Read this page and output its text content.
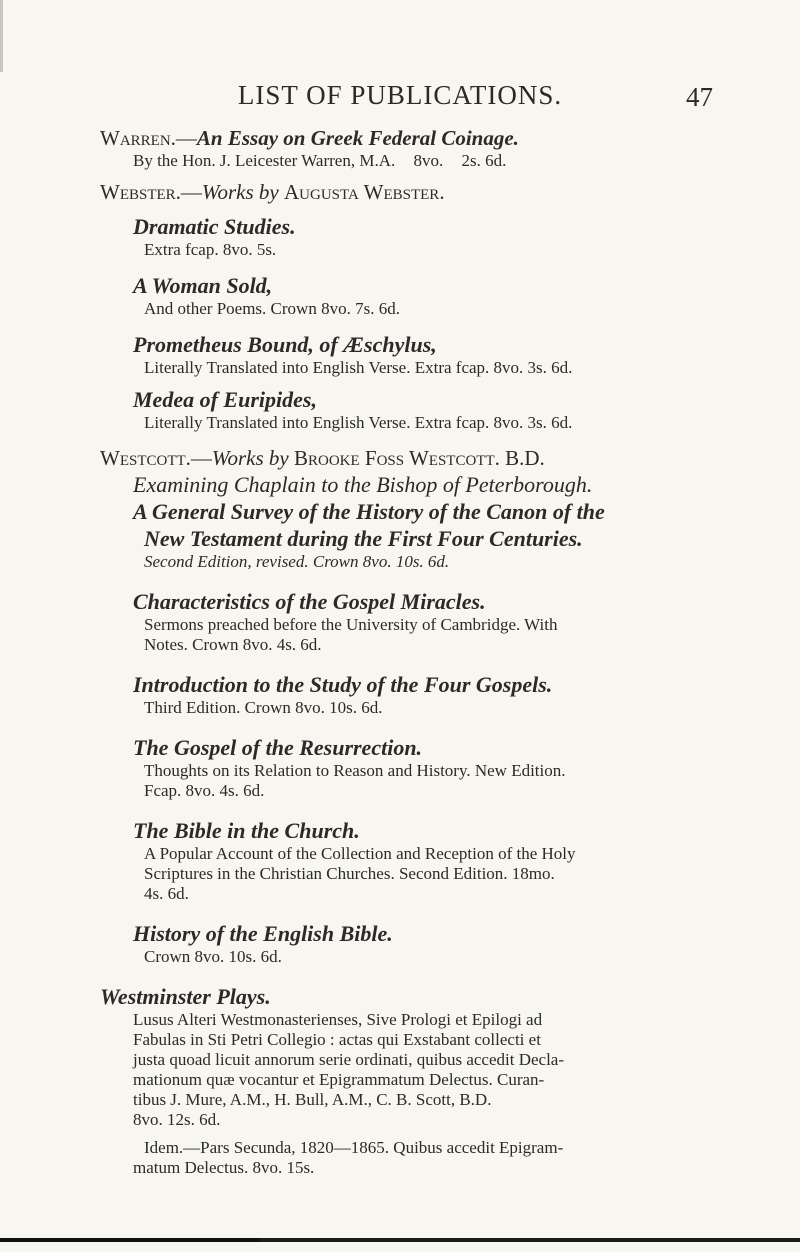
LIST OF PUBLICATIONS.	47
Warren.—An Essay on Greek Federal Coinage.
By the Hon. J. Leicester Warren, M.A. 8vo. 2s. 6d.
Webster.—Works by Augusta Webster.
Dramatic Studies.
Extra fcap. 8vo. 5s.
A Woman Sold,
And other Poems. Crown 8vo. 7s. 6d.
Prometheus Bound, of Æschylus,
Literally Translated into English Verse. Extra fcap. 8vo. 3s. 6d.
Medea of Euripides,
Literally Translated into English Verse. Extra fcap. 8vo. 3s. 6d.
Westcott.—Works by Brooke Foss Westcott. B.D.
Examining Chaplain to the Bishop of Peterborough.
A General Survey of the History of the Canon of the
New Testament during the First Four Centuries.
Second Edition, revised. Crown 8vo. 10s. 6d.
Characteristics of the Gospel Miracles.
Sermons preached before the University of Cambridge. With
Notes. Crown 8vo. 4s. 6d.
Introduction to the Study of the Four Gospels.
Third Edition. Crown 8vo. 10s. 6d.
The Gospel of the Resurrection.
Thoughts on its Relation to Reason and History. New Edition.
Fcap. 8vo. 4s. 6d.
The Bible in the Church.
A Popular Account of the Collection and Reception of the Holy
Scriptures in the Christian Churches. Second Edition. 18mo.
4s. 6d.
History of the English Bible.
Crown 8vo. 10s. 6d.
Westminster Plays.
Lusus Alteri Westmonasterienses, Sive Prologi et Epilogi ad
Fabulas in Sti Petri Collegio : actas qui Exstabant collecti et
justa quoad licuit annorum serie ordinati, quibus accedit Decla-
mationum quæ vocantur et Epigrammatum Delectus. Curan-
tibus J. Mure, A.M., H. Bull, A.M., C. B. Scott, B.D.
8vo. 12s. 6d.
Idem.—Pars Secunda, 1820—1865. Quibus accedit Epigram-
matum Delectus. 8vo. 15s.
